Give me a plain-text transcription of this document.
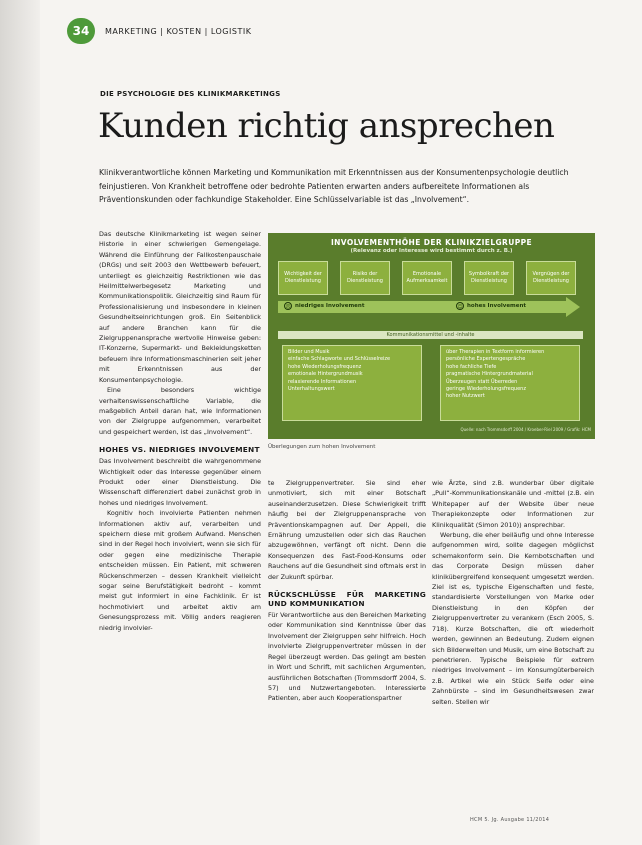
34	MARKETING | KOSTEN | LOGISTIK
DIE PSYCHOLOGIE DES KLINIKMARKETINGS
Kunden richtig ansprechen
Klinikverantwortliche können Marketing und Kommunikation mit Erkenntnissen aus der Konsumentenpsychologie deutlich feinjustieren. Von Krankheit betroffene oder bedrohte Patienten erwarten anders aufbereitete Informationen als Präventionskunden oder fachkundige Stakeholder. Eine Schlüsselvariable ist das „Involvement“.

Das deutsche Klinikmarketing ist wegen seiner Historie in einer schwierigen Gemengelage. Während die Einführung der Fallkostenpauschale (DRGs) und seit 2003 den Wettbewerb befeuert, unterliegt es gleichzeitig Restriktionen wie das Heilmittelwerbegesetz Marketing und Kommunikationspolitik. Gleichzeitig sind Raum für Professionalisierung und insbesondere in kleinen Gesundheitseinrichtungen groß. Ein Seitenblick auf andere Branchen kann für die Zielgruppenansprache wertvolle Hinweise geben: IT-Konzerne, Supermarkt- und Bekleidungsketten befeuern ihre Informationsmaschinerien seit jeher mit Erkenntnissen aus der Konsumentenpsychologie.

Eine besonders wichtige verhaltenswissenschaftliche Variable, die maßgeblich Anteil daran hat, wie Informationen von der Zielgruppe aufgenommen, verarbeitet und gespeichert werden, ist das „Involvement“.

HOHES VS. NIEDRIGES INVOLVEMENT

Das Involvement beschreibt die wahrgenommene Wichtigkeit oder das Interesse gegenüber einem Produkt oder einer Dienstleistung. Die Wissenschaft differenziert dabei zunächst grob in hohes und niedriges Involvement.

Kognitiv hoch involvierte Patienten nehmen Informationen aktiv auf, verarbeiten und speichern diese mit großem Aufwand. Menschen sind in der Regel hoch involviert, wenn sie sich für oder gegen eine medizinische Therapie entscheiden müssen. Ein Patient, mit schweren Rückenschmerzen – dessen Krankheit vielleicht sogar seine Berufstätigkeit bedroht – kommt meist gut informiert in eine Fachklinik. Er ist hochmotiviert und arbeitet aktiv am Genesungsprozess mit. Völlig anders reagieren niedrig involvier-

INVOLVEMENTHÖHE DER KLINIKZIELGRUPPE
(Relevanz oder Interesse wird bestimmt durch z. B.)
Wichtigkeit der Dienstleistung
Risiko der Dienstleistung
Emotionale Aufmerksamkeit
Symbolkraft der Dienstleistung
Vergnügen der Dienstleistung
☹ niedriges Involvement	☺ hohes Involvement
Kommunikationsmittel und -inhalte
Bilder und Musik
einfache Schlagworte und Schlüsselreize
hohe Wiederholungsfrequenz
emotionale Hintergrundmusik
relaxierende Informationen
Unterhaltungswert
über Therapien in Textform informieren
persönliche Expertengespräche
hohe fachliche Tiefe
pragmatische Hintergrundmaterial
Überzeugen statt Überreden
geringe Wiederholungsfrequenz
hoher Nutzwert
Quelle: nach Trommsdorff 2004 / Kroeber-Riel 2009 / Grafik: HCM
Überlegungen zum hohen Involvement

te Zielgruppenvertreter. Sie sind eher unmotiviert, sich mit einer Botschaft auseinanderzusetzen. Diese Schwierigkeit trifft häufig bei der Zielgruppenansprache von Präventionskampagnen auf. Der Appell, die Ernährung umzustellen oder sich das Rauchen abzugewöhnen, verfängt oft nicht. Denn die Konsequenzen des Fast-Food-Konsums oder Rauchens auf die Gesundheit sind oftmals erst in der Zukunft spürbar.

RÜCKSCHLÜSSE FÜR MARKETING UND KOMMUNIKATION

Für Verantwortliche aus den Bereichen Marketing oder Kommunikation sind Kenntnisse über das Involvement der Zielgruppen sehr hilfreich. Hoch involvierte Zielgruppenvertreter müssen in der Regel überzeugt werden. Das gelingt am besten in Wort und Schrift, mit sachlichen Argumenten, ausführlichen Botschaften (Trommsdorff 2004, S. 57) und Nutzwertangeboten. Interessierte Patienten, aber auch Kooperationspartner

wie Ärzte, sind z.B. wunderbar über digitale „Pull“-Kommunikationskanäle und -mittel (z.B. ein Whitepaper auf der Website über neue Therapiekonzepte oder Informationen zur Klinikqualität (Simon 2010)) ansprechbar.

Werbung, die eher beiläufig und ohne Interesse aufgenommen wird, sollte dagegen möglichst schemakonform sein. Die Kernbotschaften und das Corporate Design müssen daher klinikübergreifend konsequent umgesetzt werden. Ziel ist es, typische Eigenschaften und feste, standardisierte Vorstellungen von Marke oder Dienstleistung in den Köpfen der Zielgruppenvertreter zu verankern (Esch 2005, S. 718). Kurze Botschaften, die oft wiederholt werden, gewinnen an Bedeutung. Zudem eignen sich Bilderwelten und Musik, um eine Botschaft zu penetrieren. Typische Beispiele für extrem niedriges Involvement – im Konsumgüterbereich z.B. Artikel wie ein Stück Seife oder eine Zahnbürste – sind im Gesundheitswesen zwar selten. Stellen wir

HCM 5. Jg. Ausgabe 11/2014
